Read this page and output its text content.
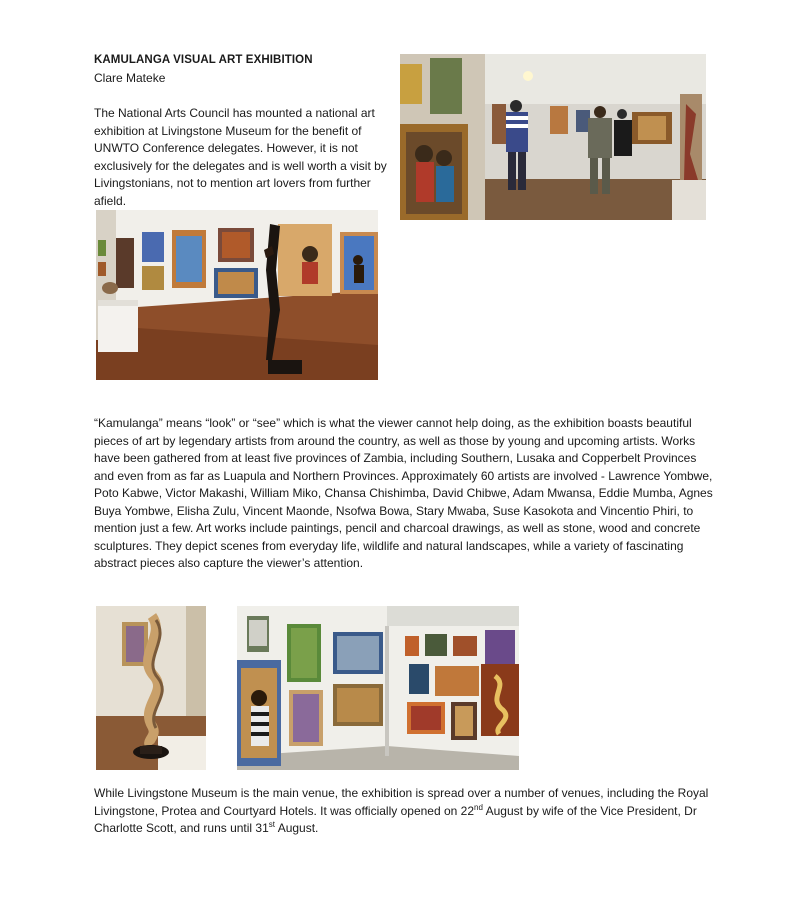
KAMULANGA VISUAL ART EXHIBITION
Clare Mateke
The National Arts Council has mounted a national art exhibition at Livingstone Museum for the benefit of UNWTO Conference delegates. However, it is not exclusively for the delegates and is well worth a visit by Livingstonians, not to mention art lovers from further afield.
“Kamulanga” means “look” or “see” which is what the viewer cannot help doing, as the exhibition boasts beautiful pieces of art by legendary artists from around the country, as well as those by young and upcoming artists. Works have been gathered from at least five provinces of Zambia, including Southern, Lusaka and Copperbelt Provinces and even from as far as Luapula and Northern Provinces. Approximately 60 artists are involved - Lawrence Yombwe, Poto Kabwe, Victor Makashi, William Miko, Chansa Chishimba, David Chibwe, Adam Mwansa, Eddie Mumba, Agnes Buya Yombwe, Elisha Zulu, Vincent Maonde, Nsofwa Bowa, Stary Mwaba, Suse Kasokota and Vincentio Phiri, to mention just a few. Art works include paintings, pencil and charcoal drawings, as well as stone, wood and concrete sculptures. They depict scenes from everyday life, wildlife and natural landscapes, while a variety of fascinating abstract pieces also capture the viewer’s attention.
While Livingstone Museum is the main venue, the exhibition is spread over a number of venues, including the Royal Livingstone, Protea and Courtyard Hotels. It was officially opened on 22nd August by wife of the Vice President, Dr Charlotte Scott, and runs until 31st August.
